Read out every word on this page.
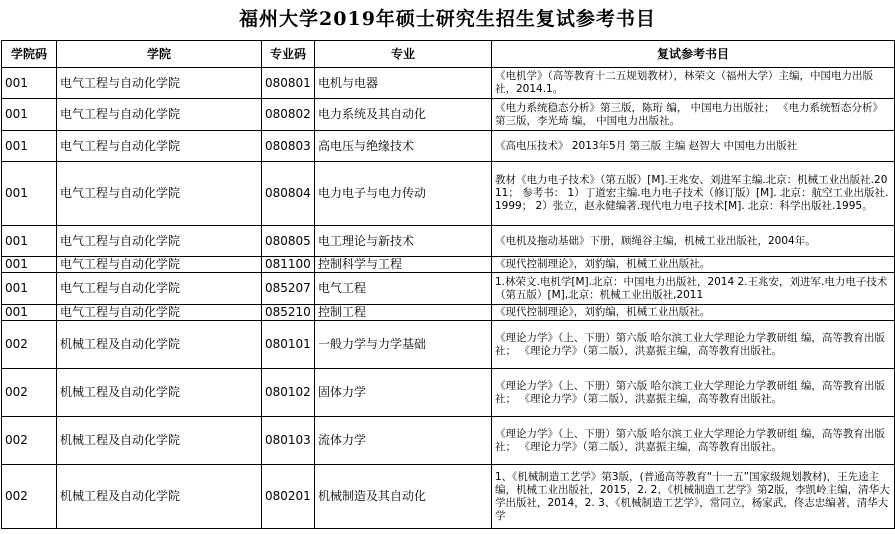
福州大学2019年硕士研究生招生复试参考书目
学院码	学院	专业码	专业	复试参考书目
001	电气工程与自动化学院	080801	电机与电器	《电机学》（高等教育十二五规划教材），林荣文（福州大学）主编，中国电力出版社，2014.1。
001	电气工程与自动化学院	080802	电力系统及其自动化	《电力系统稳态分析》第三版，陈珩 编， 中国电力出版社； 《电力系统暂态分析》第三版，李光琦 编， 中国电力出版社。
001	电气工程与自动化学院	080803	高电压与绝缘技术	《高电压技术》 2013年5月 第三版 主编 赵智大 中国电力出版社
001	电气工程与自动化学院	080804	电力电子与电力传动	教材《电力电子技术》（第五版）[M].王兆安、刘进军主编.北京：机械工业出版社.2011； 参考书： 1）丁道宏主编.电力电子技术（修订版）[M]. 北京：航空工业出版社.1999； 2）张立，赵永健编著.现代电力电子技术[M]. 北京：科学出版社.1995。
001	电气工程与自动化学院	080805	电工理论与新技术	《电机及拖动基础》下册，顾绳谷主编，机械工业出版社，2004年。
001	电气工程与自动化学院	081100	控制科学与工程	《现代控制理论》，刘豹编，机械工业出版社。
001	电气工程与自动化学院	085207	电气工程	1.林荣文.电机学[M].北京：中国电力出版社，2014 2.王兆安，刘进军.电力电子技术（第五版）[M],北京：机械工业出版社,2011
001	电气工程与自动化学院	085210	控制工程	《现代控制理论》，刘豹编，机械工业出版社。
002	机械工程及自动化学院	080101	一般力学与力学基础	《理论力学》（上、下册）第六版 哈尔滨工业大学理论力学教研组 编，高等教育出版社； 《理论力学》（第二版），洪嘉振主编，高等教育出版社。
002	机械工程及自动化学院	080102	固体力学	《理论力学》（上、下册）第六版 哈尔滨工业大学理论力学教研组 编，高等教育出版社； 《理论力学》（第二版），洪嘉振主编，高等教育出版社。
002	机械工程及自动化学院	080103	流体力学	《理论力学》（上、下册）第六版 哈尔滨工业大学理论力学教研组 编，高等教育出版社； 《理论力学》（第二版），洪嘉振主编，高等教育出版社。
002	机械工程及自动化学院	080201	机械制造及其自动化	1、《机械制造工艺学》第3版，(普通高等教育“十一五”国家级规划教材)，王先逵主编，机械工业出版社，2015，2. 2、《机械制造工艺学》第2版，李凯岭主编，清华大学出版社，2014，2. 3、《机械制造工艺学》，常同立，杨家武，佟志忠编著，清华大学
